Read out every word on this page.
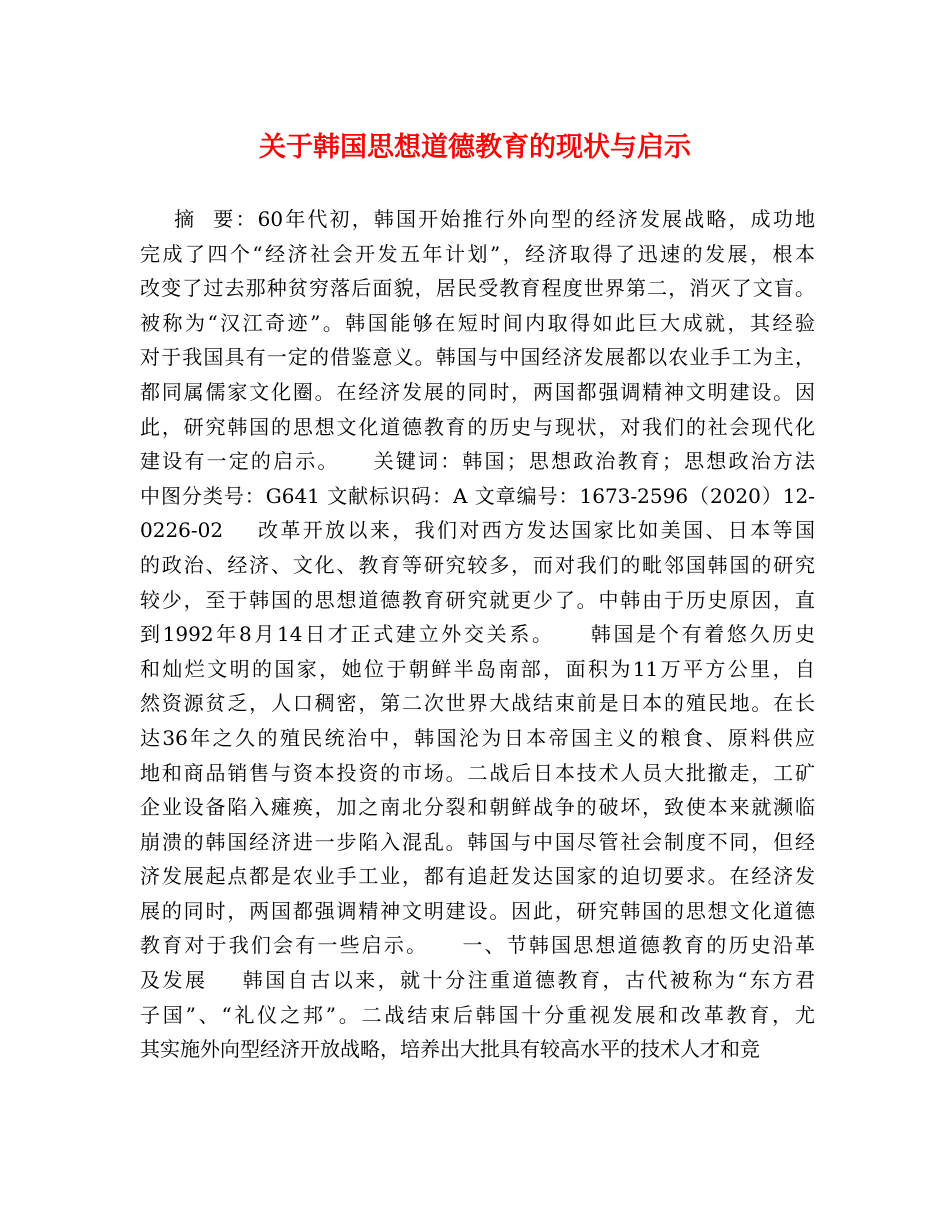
关于韩国思想道德教育的现状与启示
摘  要：60年代初，韩国开始推行外向型的经济发展战略，成功地
完成了四个“经济社会开发五年计划”，经济取得了迅速的发展，根本
改变了过去那种贫穷落后面貌，居民受教育程度世界第二，消灭了文盲。
被称为“汉江奇迹”。韩国能够在短时间内取得如此巨大成就，其经验
对于我国具有一定的借鉴意义。韩国与中国经济发展都以农业手工为主，
都同属儒家文化圈。在经济发展的同时，两国都强调精神文明建设。因
此，研究韩国的思想文化道德教育的历史与现状，对我们的社会现代化
建设有一定的启示。    关键词：韩国；思想政治教育；思想政治方法
中图分类号：G641 文献标识码：A 文章编号：1673-2596（2020）12-
0226-02    改革开放以来，我们对西方发达国家比如美国、日本等国
的政治、经济、文化、教育等研究较多，而对我们的毗邻国韩国的研究
较少，至于韩国的思想道德教育研究就更少了。中韩由于历史原因，直
到1992年8月14日才正式建立外交关系。    韩国是个有着悠久历史
和灿烂文明的国家，她位于朝鲜半岛南部，面积为11万平方公里，自
然资源贫乏，人口稠密，第二次世界大战结束前是日本的殖民地。在长
达36年之久的殖民统治中，韩国沦为日本帝国主义的粮食、原料供应
地和商品销售与资本投资的市场。二战后日本技术人员大批撤走，工矿
企业设备陷入瘫痪，加之南北分裂和朝鲜战争的破坏，致使本来就濒临
崩溃的韩国经济进一步陷入混乱。韩国与中国尽管社会制度不同，但经
济发展起点都是农业手工业，都有追赶发达国家的迫切要求。在经济发
展的同时，两国都强调精神文明建设。因此，研究韩国的思想文化道德
教育对于我们会有一些启示。    一、节韩国思想道德教育的历史沿革
及发展    韩国自古以来，就十分注重道德教育，古代被称为“东方君
子国”、“礼仪之邦”。二战结束后韩国十分重视发展和改革教育，尤
其实施外向型经济开放战略，培养出大批具有较高水平的技术人才和竞
